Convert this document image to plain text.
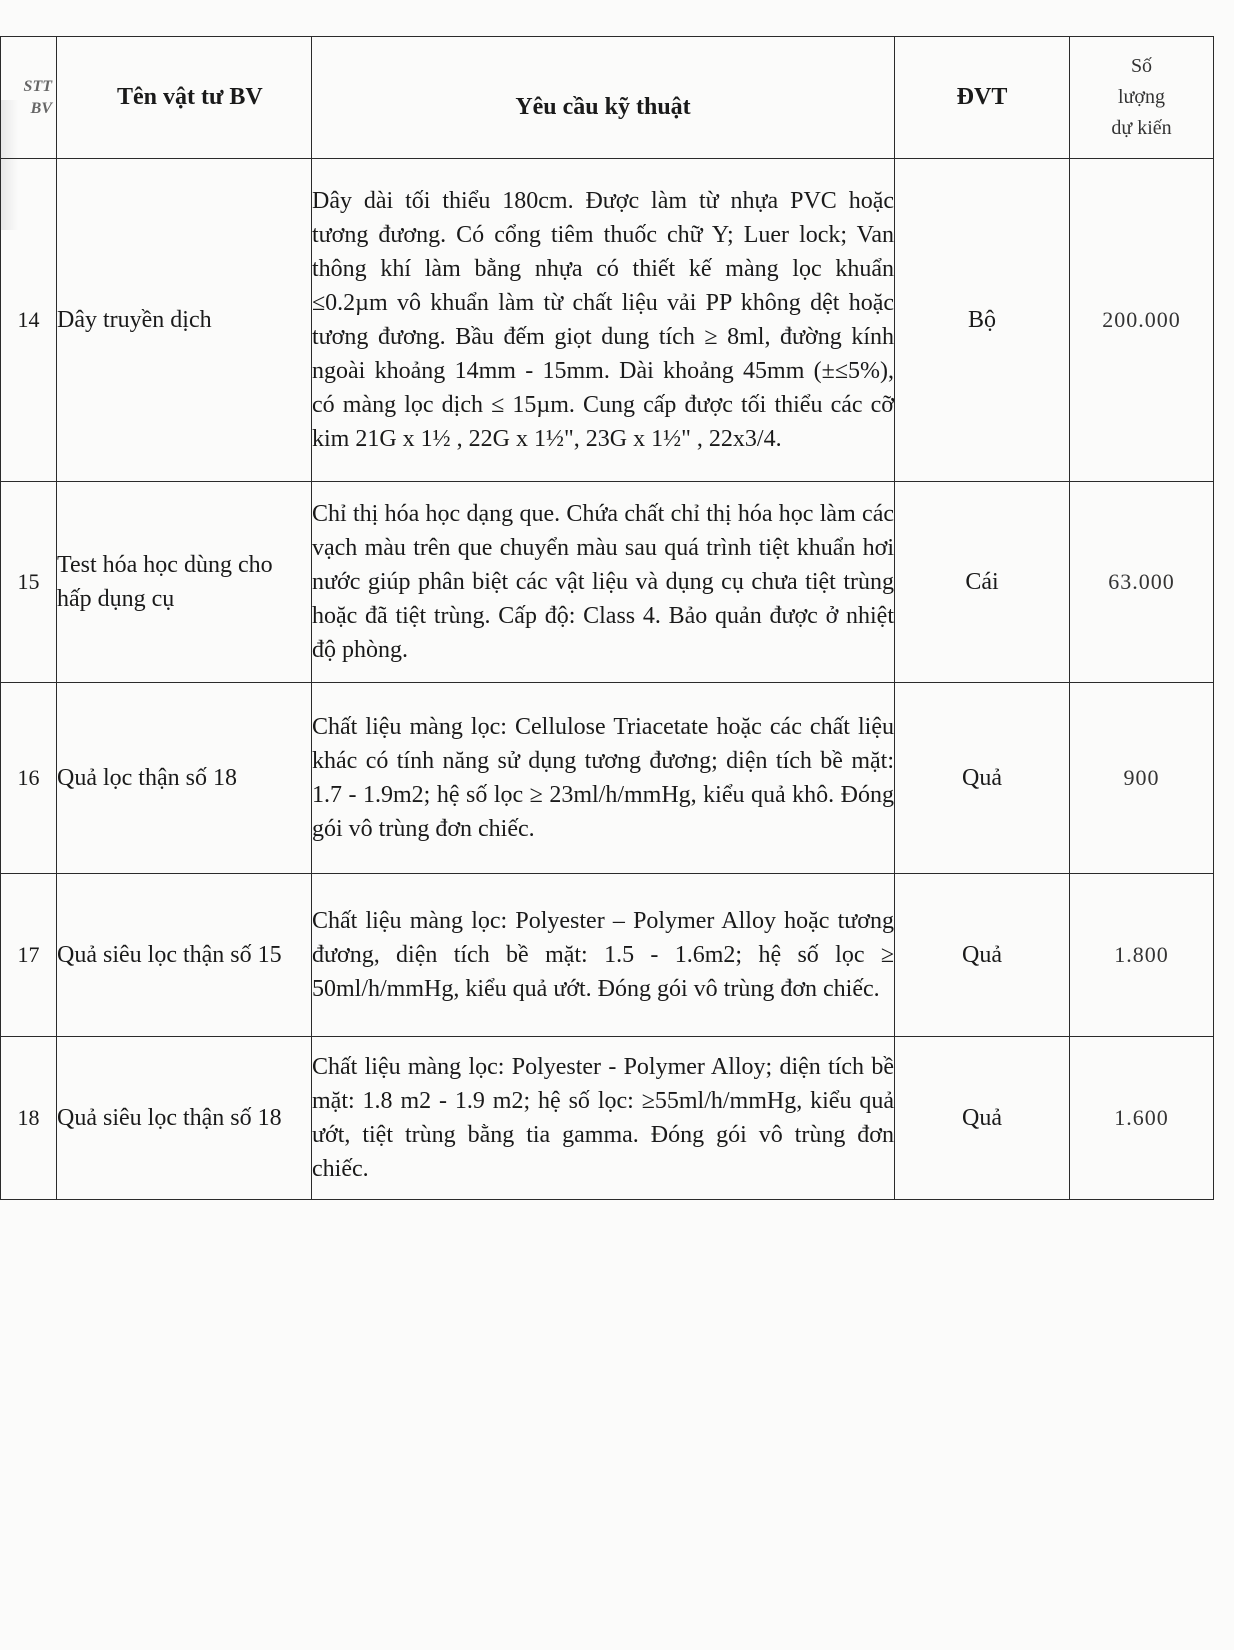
STT BV	Tên vật tư BV	Yêu cầu kỹ thuật	ĐVT	Số
lượng
dự kiến

14	Dây truyền dịch	Dây dài tối thiểu 180cm. Được làm từ nhựa PVC hoặc tương đương. Có cổng tiêm thuốc chữ Y; Luer lock; Van thông khí làm bằng nhựa có thiết kế màng lọc khuẩn ≤0.2µm vô khuẩn làm từ chất liệu vải PP không dệt hoặc tương đương. Bầu đếm giọt dung tích ≥ 8ml, đường kính ngoài khoảng 14mm - 15mm. Dài khoảng 45mm (±≤5%), có màng lọc dịch ≤ 15µm. Cung cấp được tối thiểu các cỡ kim 21G x 1½ , 22G x 1½", 23G x 1½" , 22x3/4.	Bộ	200.000
15	Test hóa học dùng cho hấp dụng cụ	Chỉ thị hóa học dạng que. Chứa chất chỉ thị hóa học làm các vạch màu trên que chuyển màu sau quá trình tiệt khuẩn hơi nước giúp phân biệt các vật liệu và dụng cụ chưa tiệt trùng hoặc đã tiệt trùng. Cấp độ: Class 4. Bảo quản được ở nhiệt độ phòng.	Cái	63.000
16	Quả lọc thận số 18	Chất liệu màng lọc: Cellulose Triacetate hoặc các chất liệu khác có tính năng sử dụng tương đương; diện tích bề mặt: 1.7 - 1.9m2; hệ số lọc ≥ 23ml/h/mmHg, kiểu quả khô. Đóng gói vô trùng đơn chiếc.	Quả	900
17	Quả siêu lọc thận số 15	Chất liệu màng lọc: Polyester – Polymer Alloy hoặc tương đương, diện tích bề mặt: 1.5 - 1.6m2; hệ số lọc ≥ 50ml/h/mmHg, kiểu quả ướt. Đóng gói vô trùng đơn chiếc.	Quả	1.800
18	Quả siêu lọc thận số 18	Chất liệu màng lọc: Polyester - Polymer Alloy; diện tích bề mặt: 1.8 m2 - 1.9 m2; hệ số lọc: ≥55ml/h/mmHg, kiểu quả ướt, tiệt trùng bằng tia gamma. Đóng gói vô trùng đơn chiếc.	Quả	1.600
